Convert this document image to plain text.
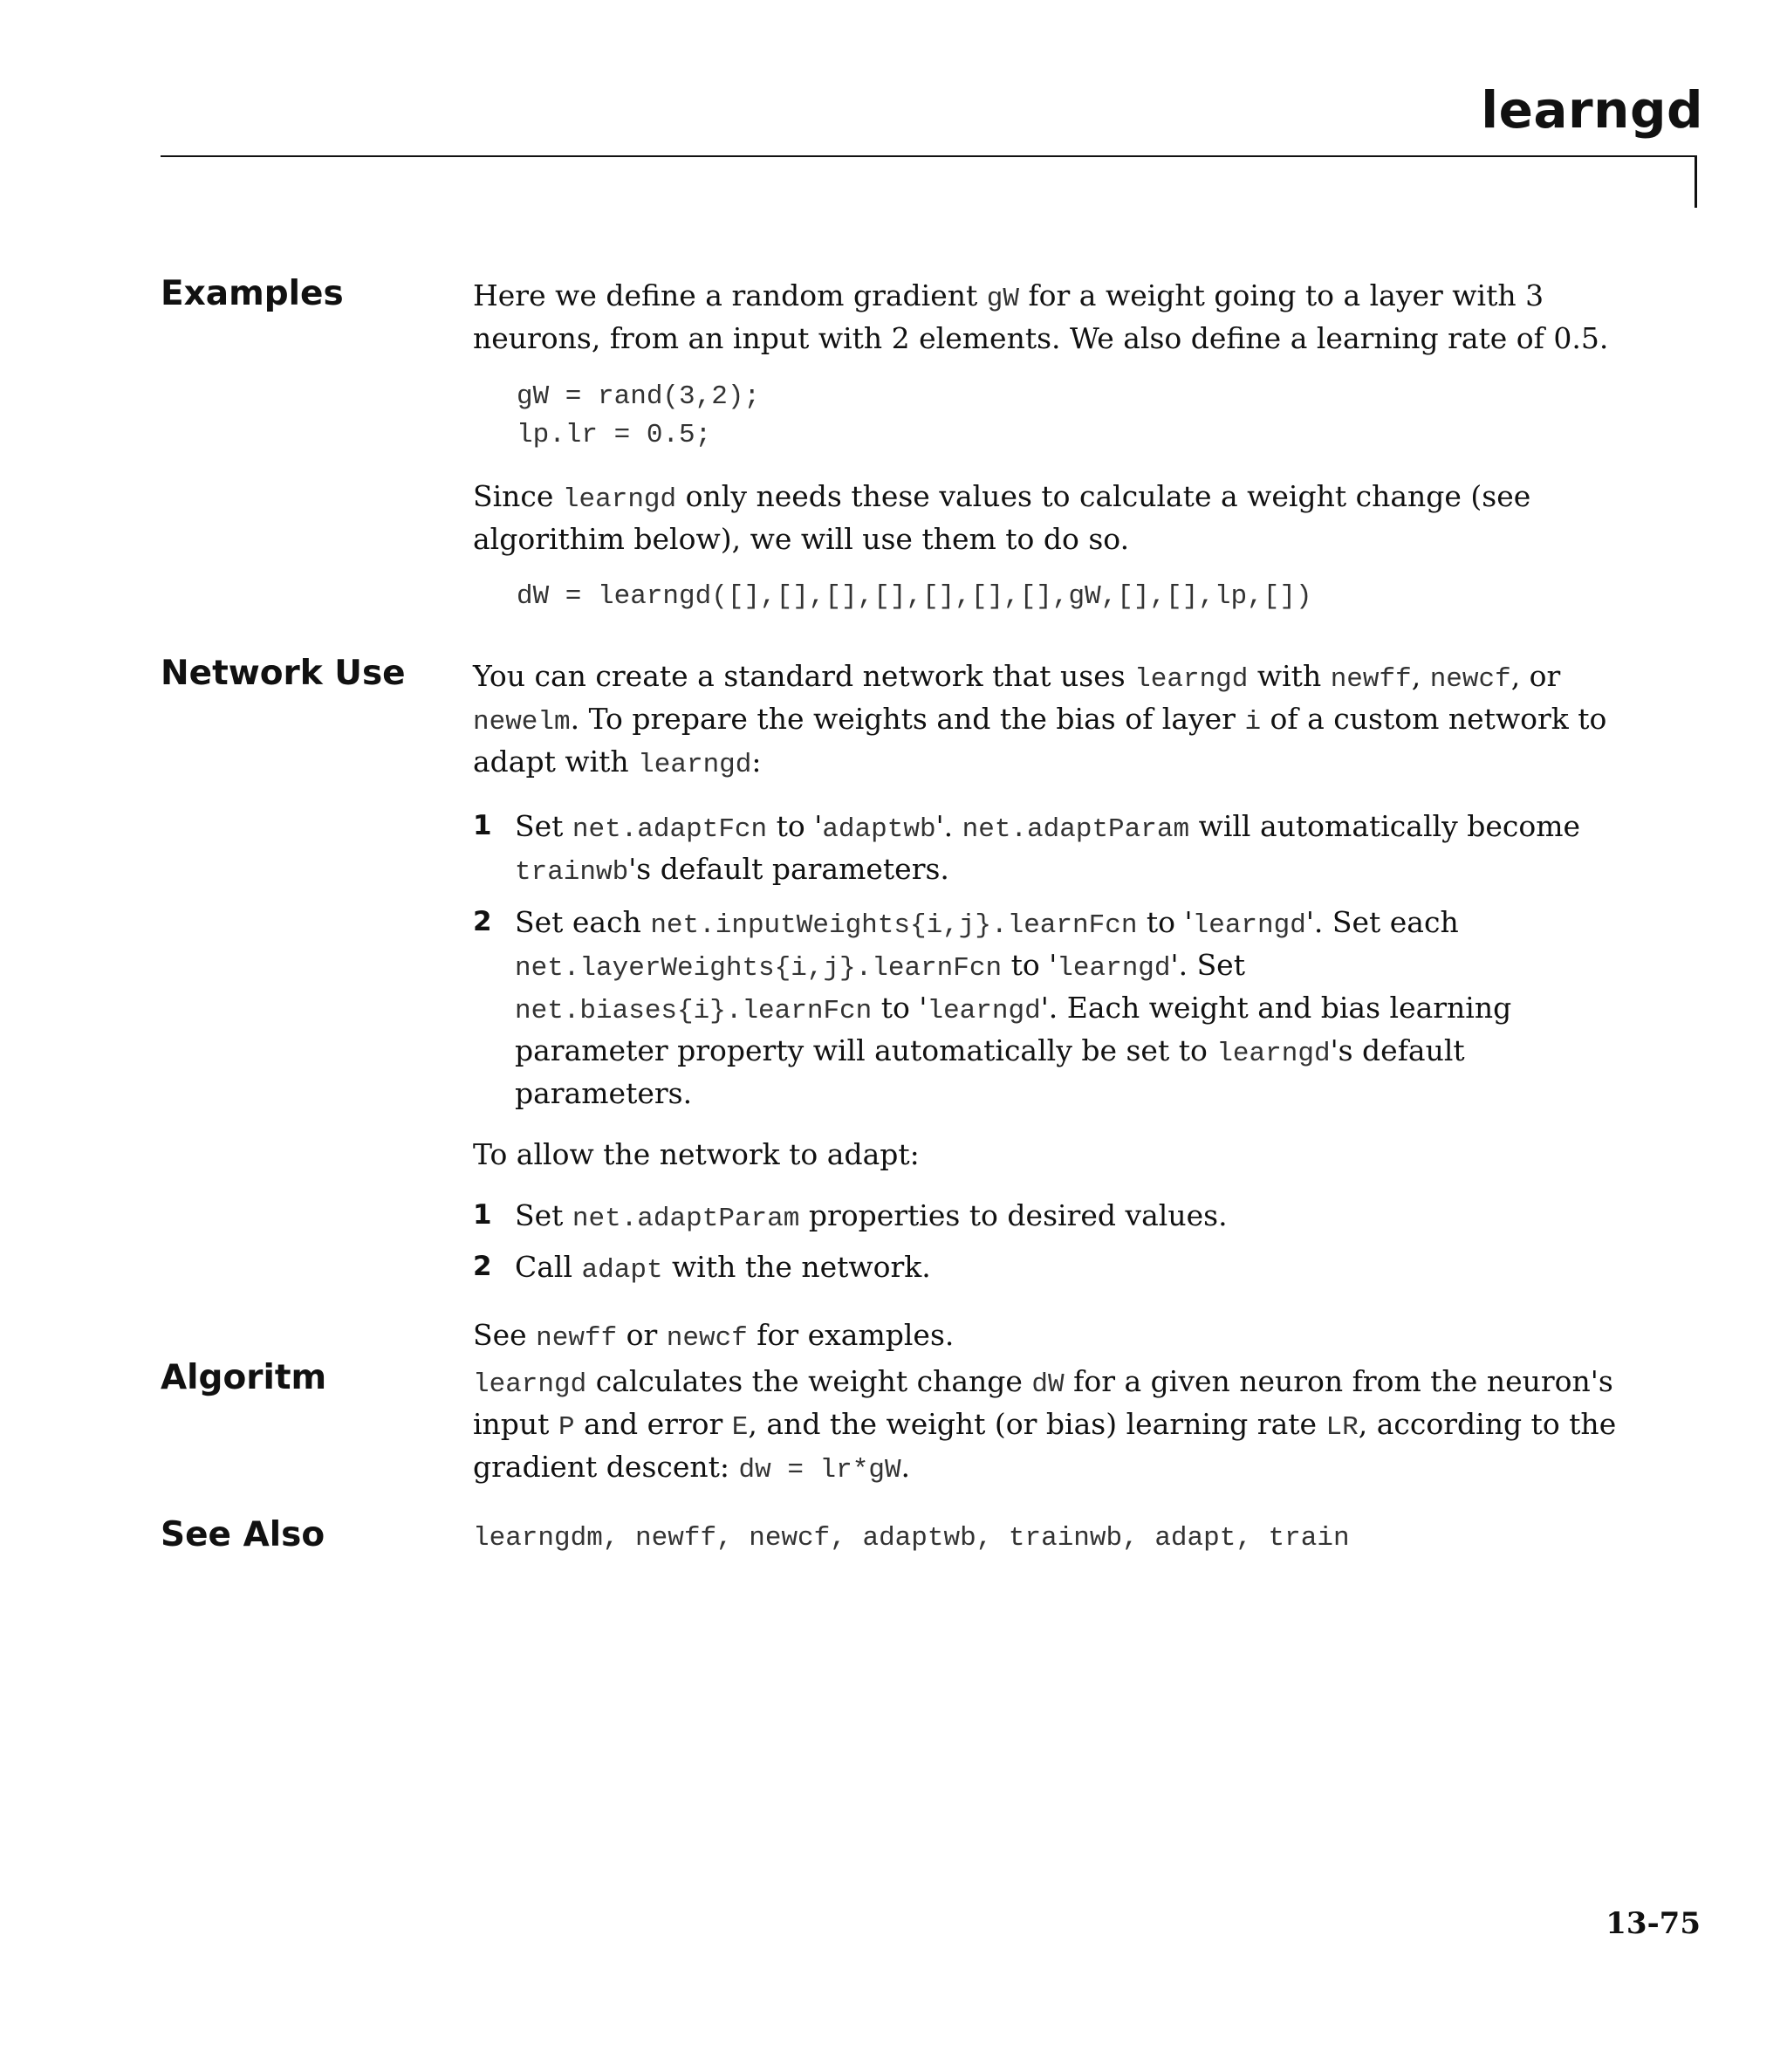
learngd
Examples	Here we define a random gradient gW for a weight going to a layer with 3
neurons, from an input with 2 elements. We also define a learning rate of 0.5.

gW = rand(3,2);
lp.lr = 0.5;

Since learngd only needs these values to calculate a weight change (see
algorithim below), we will use them to do so.

dW = learngd([],[],[],[],[],[],[],gW,[],[],lp,[])
Network Use You can create a standard network that uses learngd with newff, newcf, or
newelm. To prepare the weights and the bias of layer i of a custom network to
adapt with learngd:

1 Set net.adaptFcn to 'adaptwb'. net.adaptParam will automatically become
trainwb's default parameters.
2 Set each net.inputWeights{i,j}.learnFcn to 'learngd'. Set each
net.layerWeights{i,j}.learnFcn to 'learngd'. Set
net.biases{i}.learnFcn to 'learngd'. Each weight and bias learning
parameter property will automatically be set to learngd's default
parameters.

To allow the network to adapt:

1 Set net.adaptParam properties to desired values.
2 Call adapt with the network.

See newff or newcf for examples.

Algoritm	learngd calculates the weight change dW for a given neuron from the neuron's
input P and error E, and the weight (or bias) learning rate LR, according to the
gradient descent: dw = lr*gW.

See Also	learngdm, newff, newcf, adaptwb, trainwb, adapt, train
13-75
